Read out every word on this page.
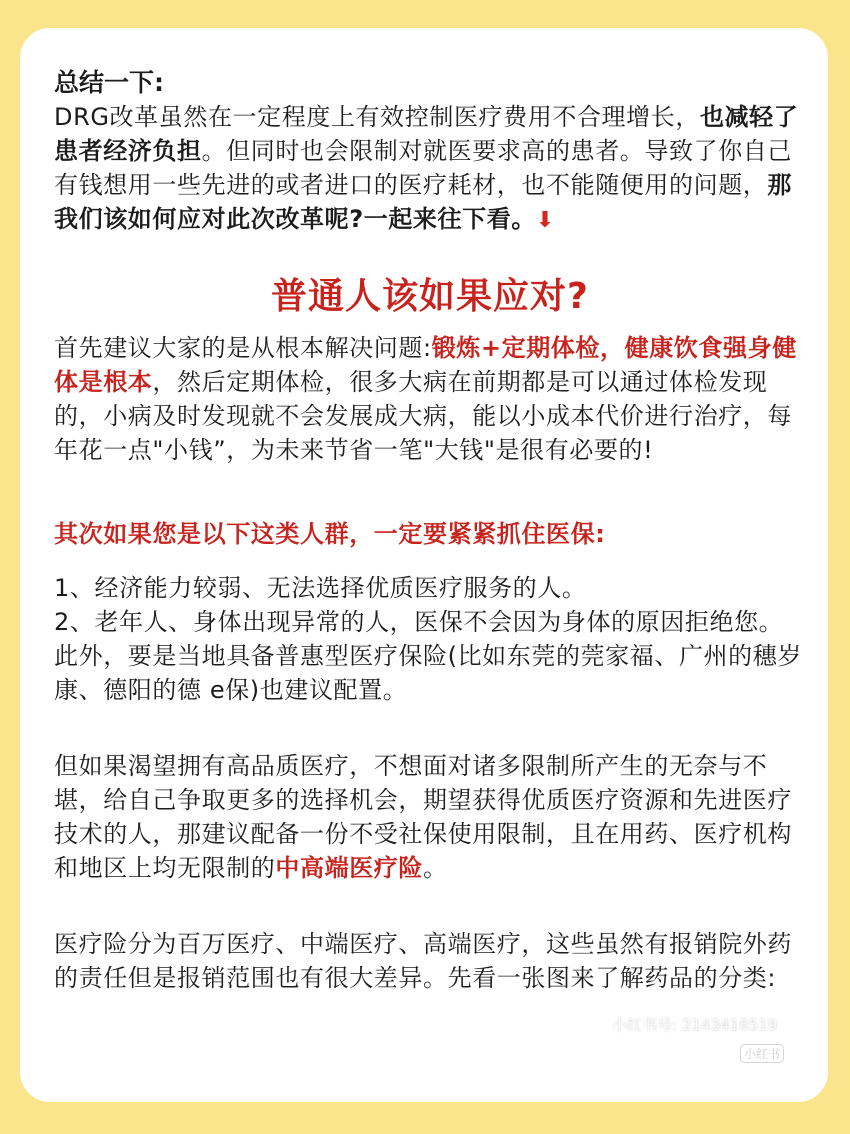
总结一下:

DRG改革虽然在一定程度上有效控制医疗费用不合理增长，也减轻了患者经济负担。但同时也会限制对就医要求高的患者。导致了你自己有钱想用一些先进的或者进口的医疗耗材，也不能随便用的问题，那我们该如何应对此次改革呢?一起来往下看。⬇

普通人该如果应对?

首先建议大家的是从根本解决问题:锻炼+定期体检，健康饮食强身健体是根本，然后定期体检，很多大病在前期都是可以通过体检发现的，小病及时发现就不会发展成大病，能以小成本代价进行治疗，每年花一点"小钱”，为未来节省一笔"大钱"是很有必要的!

其次如果您是以下这类人群，一定要紧紧抓住医保:

1、经济能力较弱、无法选择优质医疗服务的人。

2、老年人、身体出现异常的人，医保不会因为身体的原因拒绝您。此外，要是当地具备普惠型医疗保险(比如东莞的莞家福、广州的穗岁康、德阳的德 e保)也建议配置。

但如果渴望拥有高品质医疗，不想面对诸多限制所产生的无奈与不堪，给自己争取更多的选择机会，期望获得优质医疗资源和先进医疗技术的人，那建议配备一份不受社保使用限制，且在用药、医疗机构和地区上均无限制的中高端医疗险。

医疗险分为百万医疗、中端医疗、高端医疗，这些虽然有报销院外药的责任但是报销范围也有很大差异。先看一张图来了解药品的分类:

小红书号: 2143416519
小红书
